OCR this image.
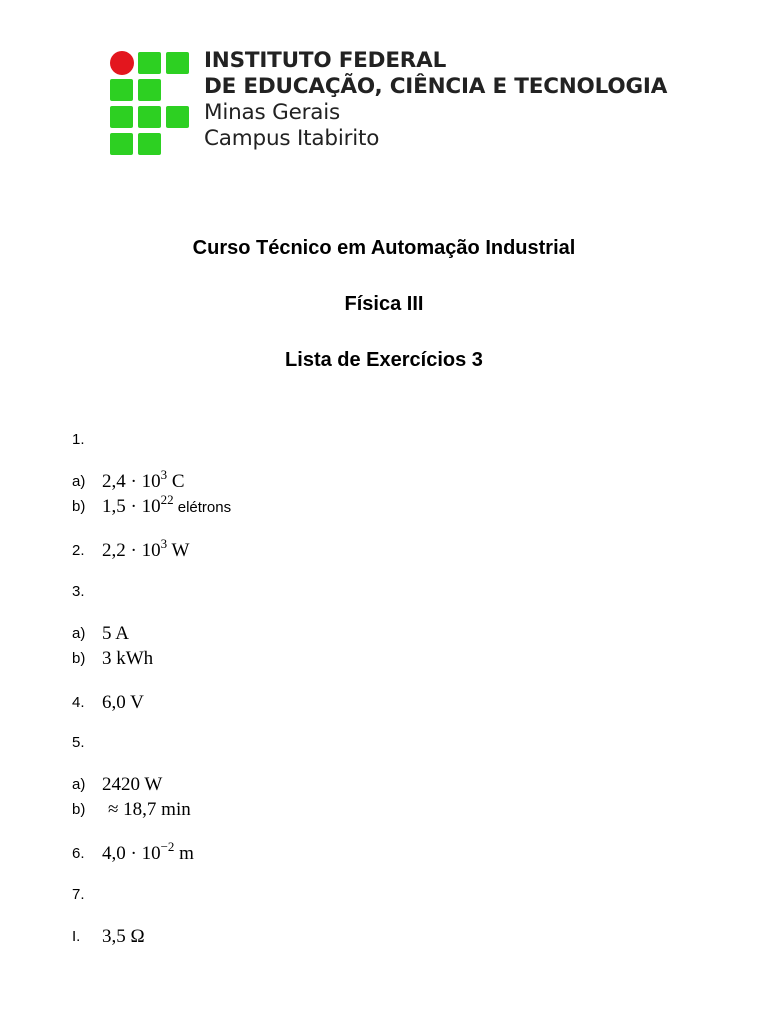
INSTITUTO FEDERAL
DE EDUCAÇÃO, CIÊNCIA E TECNOLOGIA
Minas Gerais
Campus Itabirito
Curso Técnico em Automação Industrial
Física III
Lista de Exercícios 3
1.
a) $2,4 \cdot 10^3$ C
b) $1,5 \cdot 10^{22}$ elétrons
2. $2,2 \cdot 10^3$ W
3.
a) 5 A
b) 3 kWh
4. 6,0 V
5.
a) 2420 W
b) ≈ 18,7 min
6. $4,0 \cdot 10^{-2}$ m
7.
I. 3,5 Ω
